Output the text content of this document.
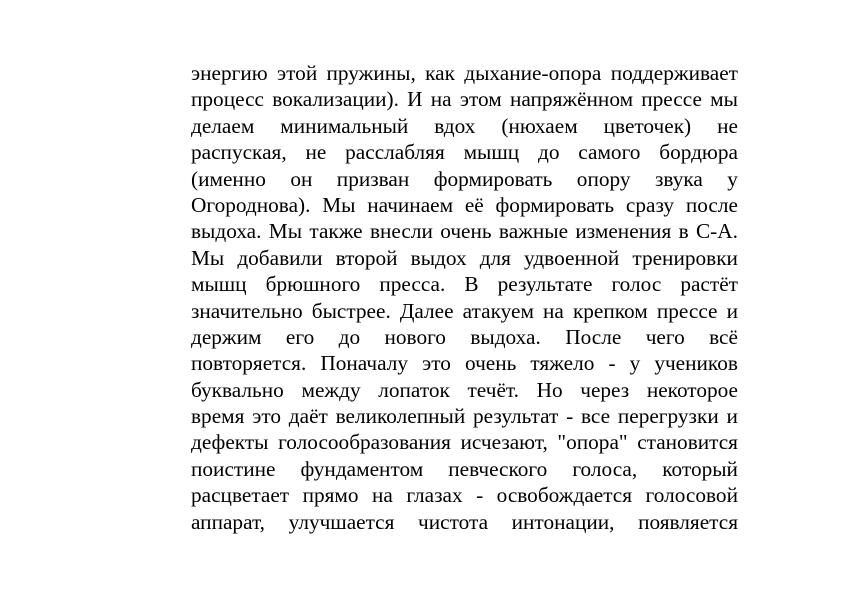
энергию этой пружины, как дыхание-опора поддерживает
процесс вокализации). И на этом напряжённом прессе мы
делаем минимальный вдох (нюхаем цветочек) не
распуская, не расслабляя мышц до самого бордюра
(именно он призван формировать опору звука у
Огороднова). Мы начинаем её формировать сразу после
выдоха. Мы также внесли очень важные изменения в С-А.
Мы добавили второй выдох для удвоенной тренировки
мышц брюшного пресса. В результате голос растёт
значительно быстрее. Далее атакуем на крепком прессе и
держим его до нового выдоха. После чего всё
повторяется. Поначалу это очень тяжело - у учеников
буквально между лопаток течёт. Но через некоторое
время это даёт великолепный результат - все перегрузки и
дефекты голосообразования исчезают, "опора" становится
поистине фундаментом певческого голоса, который
расцветает прямо на глазах - освобождается голосовой
аппарат, улучшается чистота интонации, появляется
